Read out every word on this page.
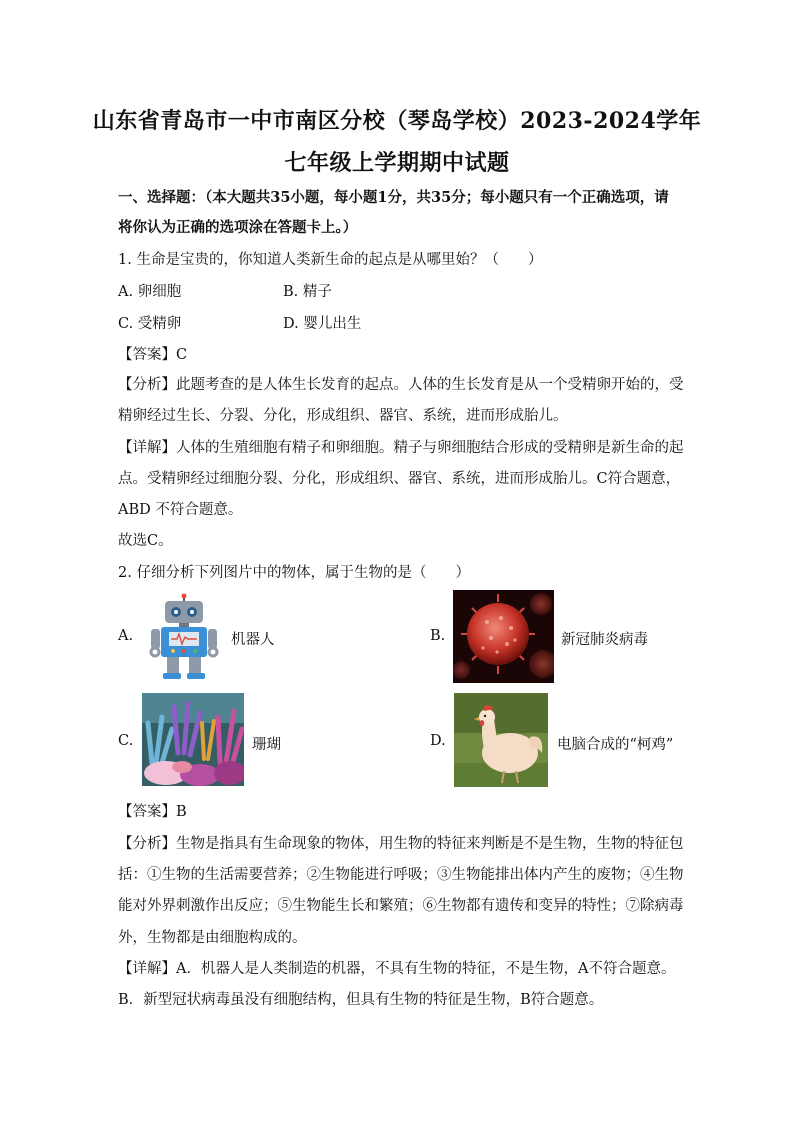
山东省青岛市一中市南区分校（琴岛学校）2023-2024学年
七年级上学期期中试题
一、选择题：（本大题共35小题，每小题1分，共35分；每小题只有一个正确选项，请
将你认为正确的选项涂在答题卡上。）
1. 生命是宝贵的，你知道人类新生命的起点是从哪里始？（　　）
A. 卵细胞	B. 精子
C. 受精卵	D. 婴儿出生
【答案】C
【分析】此题考查的是人体生长发育的起点。人体的生长发育是从一个受精卵开始的，受
精卵经过生长、分裂、分化，形成组织、器官、系统，进而形成胎儿。
【详解】人体的生殖细胞有精子和卵细胞。精子与卵细胞结合形成的受精卵是新生命的起
点。受精卵经过细胞分裂、分化，形成组织、器官、系统，进而形成胎儿。C符合题意，
ABD 不符合题意。
故选C。
2. 仔细分析下列图片中的物体，属于生物的是（　　）
A.	机器人	B.	新冠肺炎病毒
C.	珊瑚	D.	电脑合成的“柯鸡”
【答案】B
【分析】生物是指具有生命现象的物体，用生物的特征来判断是不是生物，生物的特征包
括：①生物的生活需要营养；②生物能进行呼吸；③生物能排出体内产生的废物；④生物
能对外界刺激作出反应；⑤生物能生长和繁殖；⑥生物都有遗传和变异的特性；⑦除病毒
外，生物都是由细胞构成的。
【详解】A．机器人是人类制造的机器，不具有生物的特征，不是生物，A不符合题意。
B．新型冠状病毒虽没有细胞结构，但具有生物的特征是生物，B符合题意。
